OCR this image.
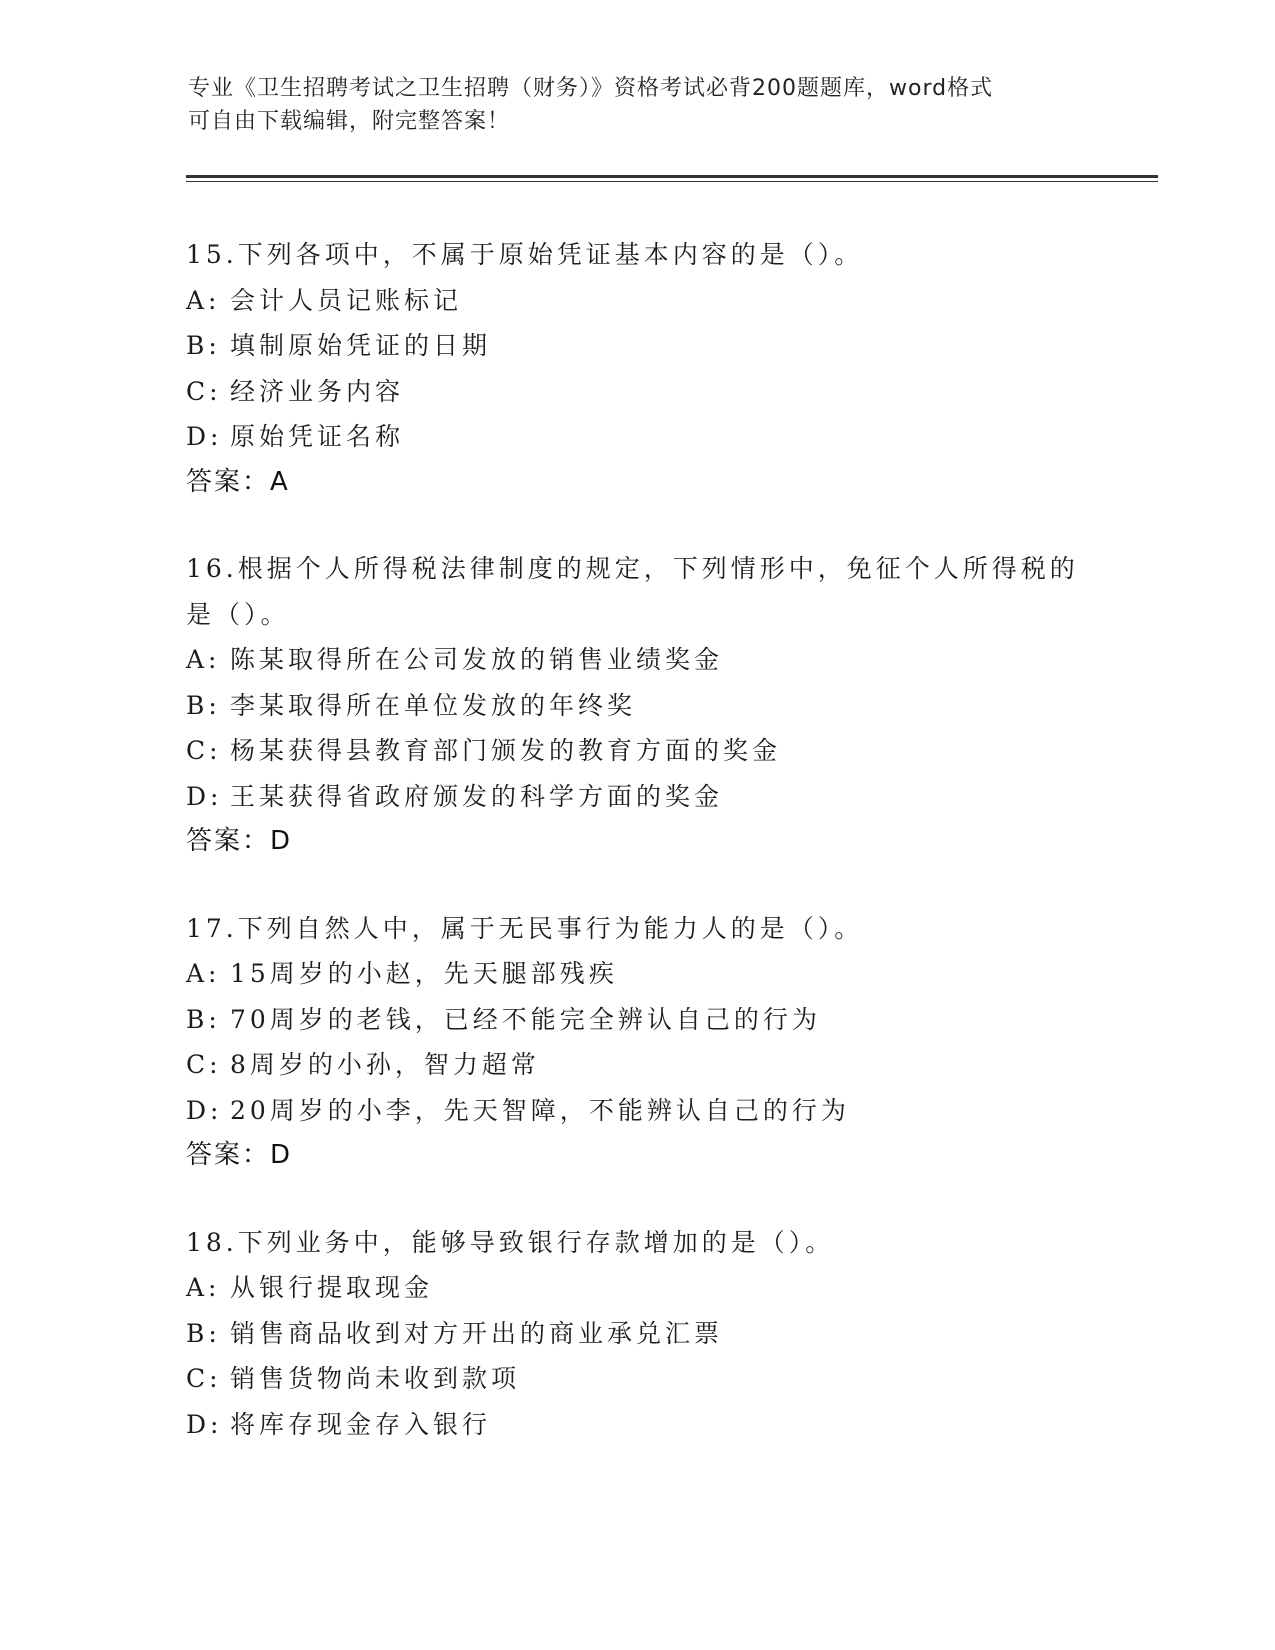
专业《卫生招聘考试之卫生招聘（财务）》资格考试必背200题题库，word格式
可自由下载编辑，附完整答案！
15.下列各项中，不属于原始凭证基本内容的是（）。
A: 会计人员记账标记
B: 填制原始凭证的日期
C: 经济业务内容
D: 原始凭证名称
答案：A
16.根据个人所得税法律制度的规定，下列情形中，免征个人所得税的
是（）。
A: 陈某取得所在公司发放的销售业绩奖金
B: 李某取得所在单位发放的年终奖
C: 杨某获得县教育部门颁发的教育方面的奖金
D: 王某获得省政府颁发的科学方面的奖金
答案：D
17.下列自然人中，属于无民事行为能力人的是（）。
A: 15周岁的小赵，先天腿部残疾
B: 70周岁的老钱，已经不能完全辨认自己的行为
C: 8周岁的小孙，智力超常
D: 20周岁的小李，先天智障，不能辨认自己的行为
答案：D
18.下列业务中，能够导致银行存款增加的是（）。
A: 从银行提取现金
B: 销售商品收到对方开出的商业承兑汇票
C: 销售货物尚未收到款项
D: 将库存现金存入银行
